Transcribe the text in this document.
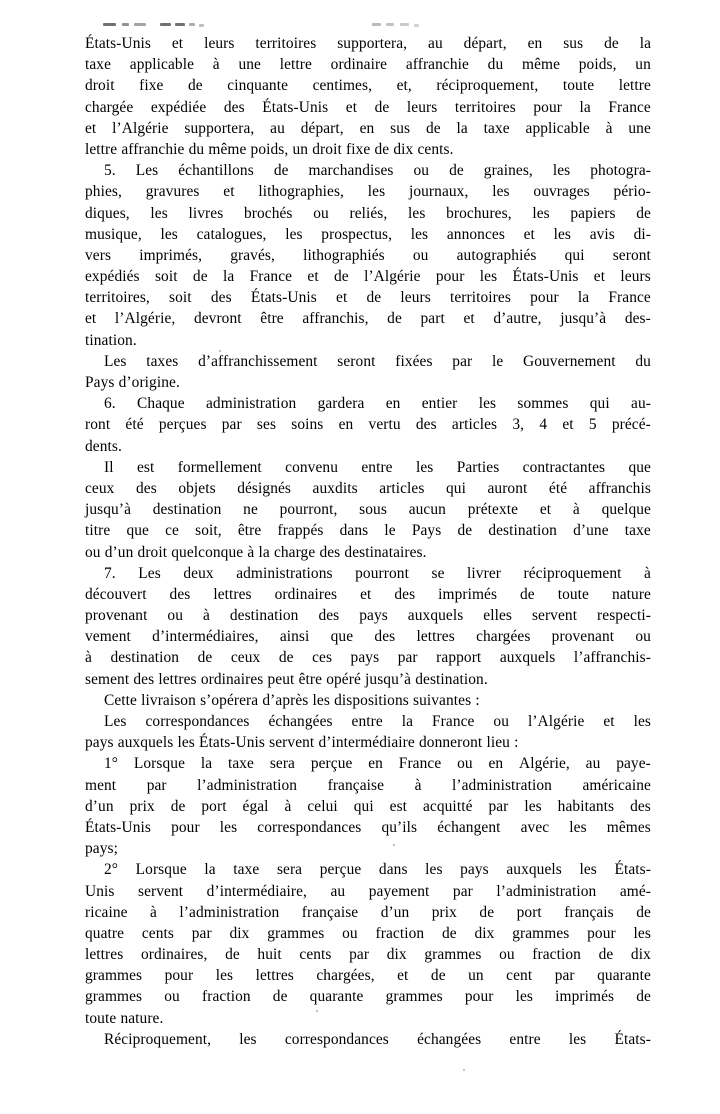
États-Unis et leurs territoires supportera, au départ, en sus de la
taxe applicable à une lettre ordinaire affranchie du même poids, un
droit fixe de cinquante centimes, et, réciproquement, toute lettre
chargée expédiée des États-Unis et de leurs territoires pour la France
et l’Algérie supportera, au départ, en sus de la taxe applicable à une
lettre affranchie du même poids, un droit fixe de dix cents.
5. Les échantillons de marchandises ou de graines, les photogra-
phies, gravures et lithographies, les journaux, les ouvrages pério-
diques, les livres brochés ou reliés, les brochures, les papiers de
musique, les catalogues, les prospectus, les annonces et les avis di-
vers imprimés, gravés, lithographiés ou autographiés qui seront
expédiés soit de la France et de l’Algérie pour les États-Unis et leurs
territoires, soit des États-Unis et de leurs territoires pour la France
et l’Algérie, devront être affranchis, de part et d’autre, jusqu’à des-
tination.
Les taxes d’affranchissement seront fixées par le Gouvernement du
Pays d’origine.
6. Chaque administration gardera en entier les sommes qui au-
ront été perçues par ses soins en vertu des articles 3, 4 et 5 précé-
dents.
Il est formellement convenu entre les Parties contractantes que
ceux des objets désignés auxdits articles qui auront été affranchis
jusqu’à destination ne pourront, sous aucun prétexte et à quelque
titre que ce soit, être frappés dans le Pays de destination d’une taxe
ou d’un droit quelconque à la charge des destinataires.
7. Les deux administrations pourront se livrer réciproquement à
découvert des lettres ordinaires et des imprimés de toute nature
provenant ou à destination des pays auxquels elles servent respecti-
vement d’intermédiaires, ainsi que des lettres chargées provenant ou
à destination de ceux de ces pays par rapport auxquels l’affranchis-
sement des lettres ordinaires peut être opéré jusqu’à destination.
Cette livraison s’opérera d’après les dispositions suivantes :
Les correspondances échangées entre la France ou l’Algérie et les
pays auxquels les États-Unis servent d’intermédiaire donneront lieu :
1° Lorsque la taxe sera perçue en France ou en Algérie, au paye-
ment par l’administration française à l’administration américaine
d’un prix de port égal à celui qui est acquitté par les habitants des
États-Unis pour les correspondances qu’ils échangent avec les mêmes
pays;
2° Lorsque la taxe sera perçue dans les pays auxquels les États-
Unis servent d’intermédiaire, au payement par l’administration amé-
ricaine à l’administration française d’un prix de port français de
quatre cents par dix grammes ou fraction de dix grammes pour les
lettres ordinaires, de huit cents par dix grammes ou fraction de dix
grammes pour les lettres chargées, et de un cent par quarante
grammes ou fraction de quarante grammes pour les imprimés de
toute nature.
Réciproquement, les correspondances échangées entre les États-
